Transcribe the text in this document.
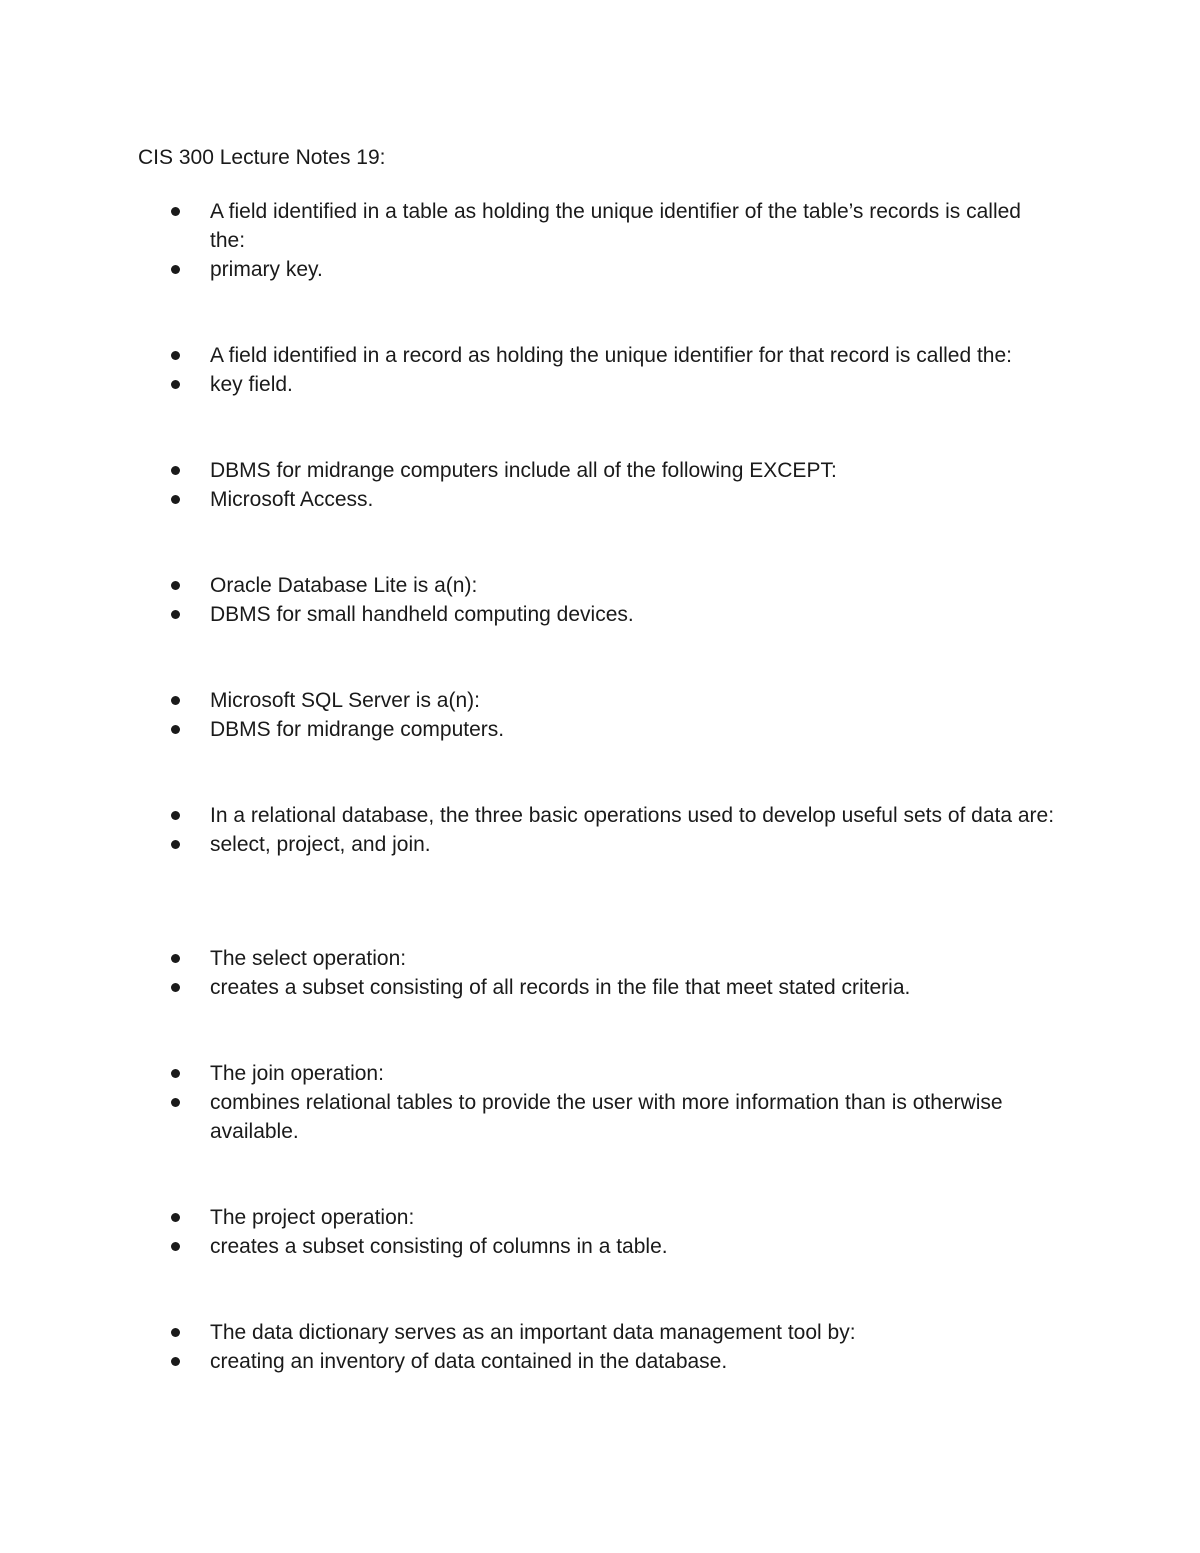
CIS 300 Lecture Notes 19:
A field identified in a table as holding the unique identifier of the table’s records is called the:
primary key.
A field identified in a record as holding the unique identifier for that record is called the:
key field.
DBMS for midrange computers include all of the following EXCEPT:
Microsoft Access.
Oracle Database Lite is a(n):
DBMS for small handheld computing devices.
Microsoft SQL Server is a(n):
DBMS for midrange computers.
In a relational database, the three basic operations used to develop useful sets of data are:
select, project, and join.
The select operation:
creates a subset consisting of all records in the file that meet stated criteria.
The join operation:
combines relational tables to provide the user with more information than is otherwise available.
The project operation:
creates a subset consisting of columns in a table.
The data dictionary serves as an important data management tool by:
creating an inventory of data contained in the database.
